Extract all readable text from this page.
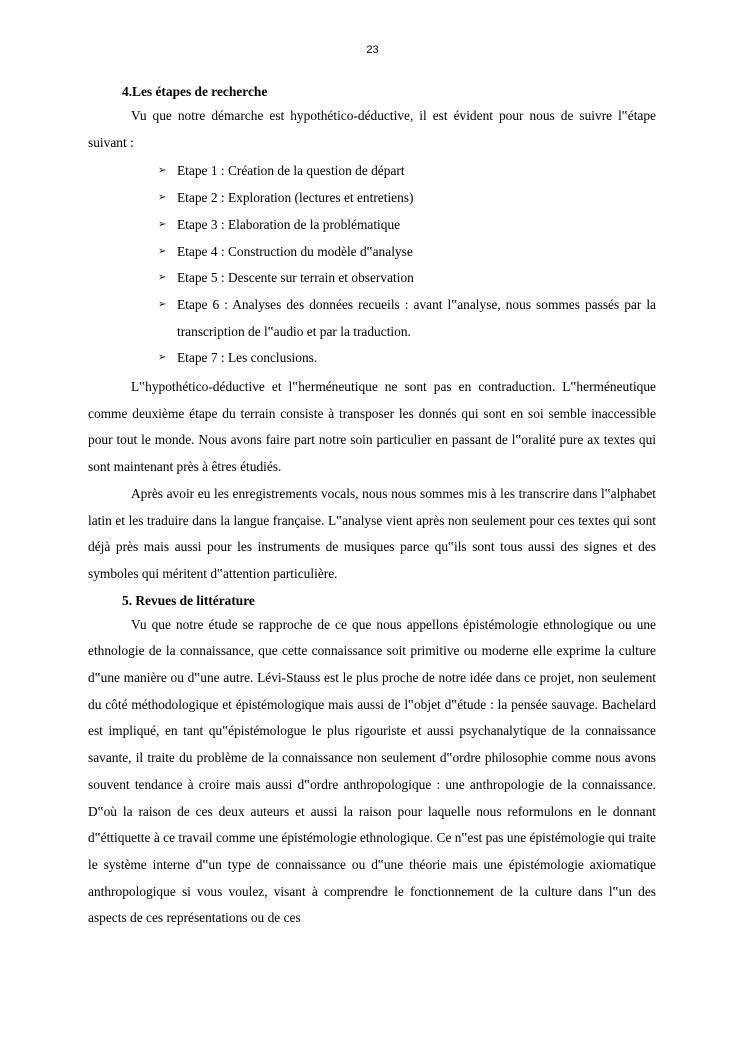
23
4.Les étapes de recherche

Vu que notre démarche est hypothético-déductive, il est évident pour nous de suivre l‟étape suivant :

➢ Etape 1 : Création de la question de départ
➢ Etape 2 : Exploration (lectures et entretiens)
➢ Etape 3 : Elaboration de la problématique
➢ Etape 4 : Construction du modèle d‟analyse
➢ Etape 5 : Descente sur terrain et observation
➢ Etape 6 : Analyses des données recueils : avant l‟analyse, nous sommes passés par la transcription de l‟audio et par la traduction.
➢ Etape 7 : Les conclusions.

L‟hypothético-déductive et l‟herméneutique ne sont pas en contraduction. L‟herméneutique comme deuxième étape du terrain consiste à transposer les donnés qui sont en soi semble inaccessible pour tout le monde. Nous avons faire part notre soin particulier en passant de l‟oralité pure ax textes qui sont maintenant près à êtres étudiés.

Après avoir eu les enregistrements vocals, nous nous sommes mis à les transcrire dans l‟alphabet latin et les traduire dans la langue française. L‟analyse vient après non seulement pour ces textes qui sont déjà près mais aussi pour les instruments de musiques parce qu‟ils sont tous aussi des signes et des symboles qui méritent d‟attention particulière.

5. Revues de littérature

Vu que notre étude se rapproche de ce que nous appellons épistémologie ethnologique ou une ethnologie de la connaissance, que cette connaissance soit primitive ou moderne elle exprime la culture d‟une manière ou d‟une autre. Lévi-Stauss est le plus proche de notre idée dans ce projet, non seulement du côté méthodologique et épistémologique mais aussi de l‟objet d‟étude : la pensée sauvage. Bachelard est impliqué, en tant qu‟épistémologue le plus rigouriste et aussi psychanalytique de la connaissance savante, il traite du problème de la connaissance non seulement d‟ordre philosophie comme nous avons souvent tendance à croire mais aussi d‟ordre anthropologique : une anthropologie de la connaissance. D‟où la raison de ces deux auteurs et aussi la raison pour laquelle nous reformulons en le donnant d‟éttiquette à ce travail comme une épistémologie ethnologique. Ce n‟est pas une épistémologie qui traite le système interne d‟un type de connaissance ou d‟une théorie mais une épistémologie axiomatique anthropologique si vous voulez, visant à comprendre le fonctionnement de la culture dans l‟un des aspects de ces représentations ou de ces
